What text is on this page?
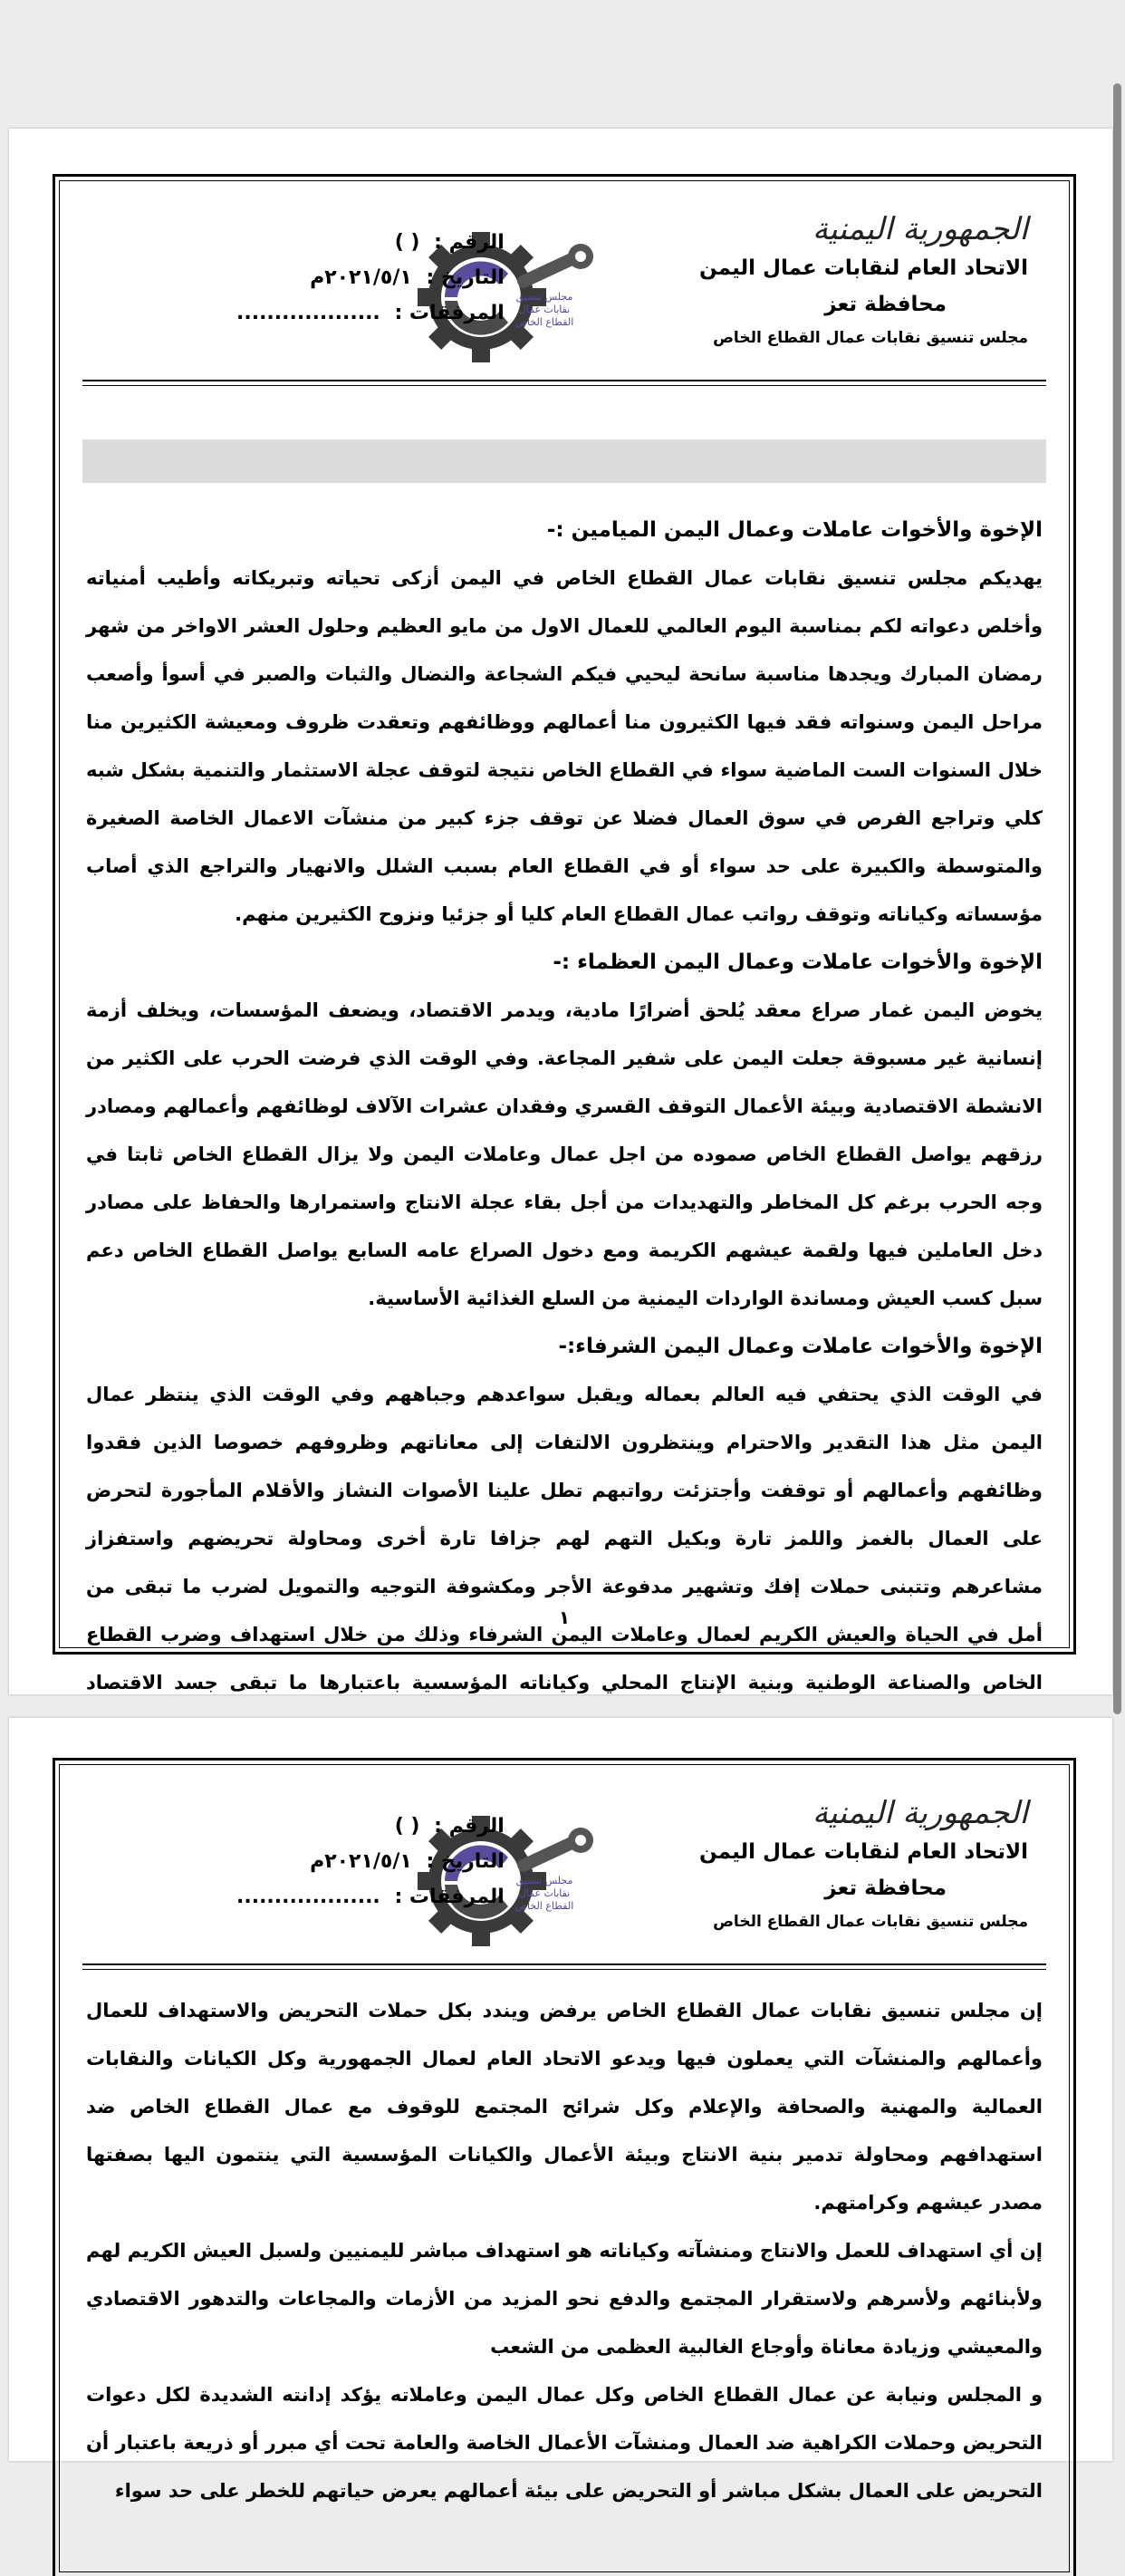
الجمهورية اليمنية
الاتحاد العام لنقابات عمال اليمن
محافظة تعز
مجلس تنسيق نقابات عمال القطاع الخاص
مجلس تنسيق
نقابات عمال
القطاع الخاص
الرقم : ( )
التاريخ : ٢٠٢١/٥/١م
المرفقات : ...................

الإخوة والأخوات عاملات وعمال اليمن الميامين :-

يهديكم مجلس تنسيق نقابات عمال القطاع الخاص في اليمن أزكى تحياته وتبريكاته وأطيب أمنياته وأخلص دعواته لكم بمناسبة اليوم العالمي للعمال الاول من مايو العظيم وحلول العشر الاواخر من شهر رمضان المبارك ويجدها مناسبة سانحة ليحيي فيكم الشجاعة والنضال والثبات والصبر في أسوأ وأصعب مراحل اليمن وسنواته فقد فيها الكثيرون منا أعمالهم ووظائفهم وتعقدت ظروف ومعيشة الكثيرين منا خلال السنوات الست الماضية سواء في القطاع الخاص نتيجة لتوقف عجلة الاستثمار والتنمية بشكل شبه كلي وتراجع الفرص في سوق العمال فضلا عن توقف جزء كبير من منشآت الاعمال الخاصة الصغيرة والمتوسطة والكبيرة على حد سواء أو في القطاع العام بسبب الشلل والانهيار والتراجع الذي أصاب مؤسساته وكياناته وتوقف رواتب عمال القطاع العام كليا أو جزئيا ونزوح الكثيرين منهم.

الإخوة والأخوات عاملات وعمال اليمن العظماء :-

يخوض اليمن غمار صراع معقد يُلحق أضرارًا مادية، ويدمر الاقتصاد، ويضعف المؤسسات، ويخلف أزمة إنسانية غير مسبوقة جعلت اليمن على شفير المجاعة. وفي الوقت الذي فرضت الحرب على الكثير من الانشطة الاقتصادية وبيئة الأعمال التوقف القسري وفقدان عشرات الآلاف لوظائفهم وأعمالهم ومصادر رزقهم يواصل القطاع الخاص صموده من اجل عمال وعاملات اليمن ولا يزال القطاع الخاص ثابتا في وجه الحرب برغم كل المخاطر والتهديدات من أجل بقاء عجلة الانتاج واستمرارها والحفاظ على مصادر دخل العاملين فيها ولقمة عيشهم الكريمة ومع دخول الصراع عامه السابع يواصل القطاع الخاص دعم سبل كسب العيش ومساندة الواردات اليمنية من السلع الغذائية الأساسية.

الإخوة والأخوات عاملات وعمال اليمن الشرفاء:-

في الوقت الذي يحتفي فيه العالم بعماله ويقبل سواعدهم وجباههم وفي الوقت الذي ينتظر عمال اليمن مثل هذا التقدير والاحترام وينتظرون الالتفات إلى معاناتهم وظروفهم خصوصا الذين فقدوا وظائفهم وأعمالهم أو توقفت وأجتزئت رواتبهم تطل علينا الأصوات النشاز والأقلام المأجورة لتحرض على العمال بالغمز واللمز تارة وبكيل التهم لهم جزافا تارة أخرى ومحاولة تحريضهم واستفزاز مشاعرهم وتتبنى حملات إفك وتشهير مدفوعة الأجر ومكشوفة التوجيه والتمويل لضرب ما تبقى من أمل في الحياة والعيش الكريم لعمال وعاملات اليمن الشرفاء وذلك من خلال استهداف وضرب القطاع الخاص والصناعة الوطنية وبنية الإنتاج المحلي وكياناته المؤسسية باعتبارها ما تبقى جسد الاقتصاد

١
الجمهورية اليمنية
الاتحاد العام لنقابات عمال اليمن
محافظة تعز
مجلس تنسيق نقابات عمال القطاع الخاص
مجلس تنسيق
نقابات عمال
القطاع الخاص
الرقم : ( )
التاريخ : ٢٠٢١/٥/١م
المرفقات : ...................

إن مجلس تنسيق نقابات عمال القطاع الخاص يرفض ويندد بكل حملات التحريض والاستهداف للعمال وأعمالهم والمنشآت التي يعملون فيها ويدعو الاتحاد العام لعمال الجمهورية وكل الكيانات والنقابات العمالية والمهنية والصحافة والإعلام وكل شرائح المجتمع للوقوف مع عمال القطاع الخاص ضد استهدافهم ومحاولة تدمير بنية الانتاج وبيئة الأعمال والكيانات المؤسسية التي ينتمون اليها بصفتها مصدر عيشهم وكرامتهم.

إن أي استهداف للعمل والانتاج ومنشآته وكياناته هو استهداف مباشر لليمنيين ولسبل العيش الكريم لهم ولأبنائهم ولأسرهم ولاستقرار المجتمع والدفع نحو المزيد من الأزمات والمجاعات والتدهور الاقتصادي والمعيشي وزيادة معاناة وأوجاع الغالبية العظمى من الشعب

و المجلس ونيابة عن عمال القطاع الخاص وكل عمال اليمن وعاملاته يؤكد إدانته الشديدة لكل دعوات التحريض وحملات الكراهية ضد العمال ومنشآت الأعمال الخاصة والعامة تحت أي مبرر أو ذريعة باعتبار أن التحريض على العمال بشكل مباشر أو التحريض على بيئة أعمالهم يعرض حياتهم للخطر على حد سواء
